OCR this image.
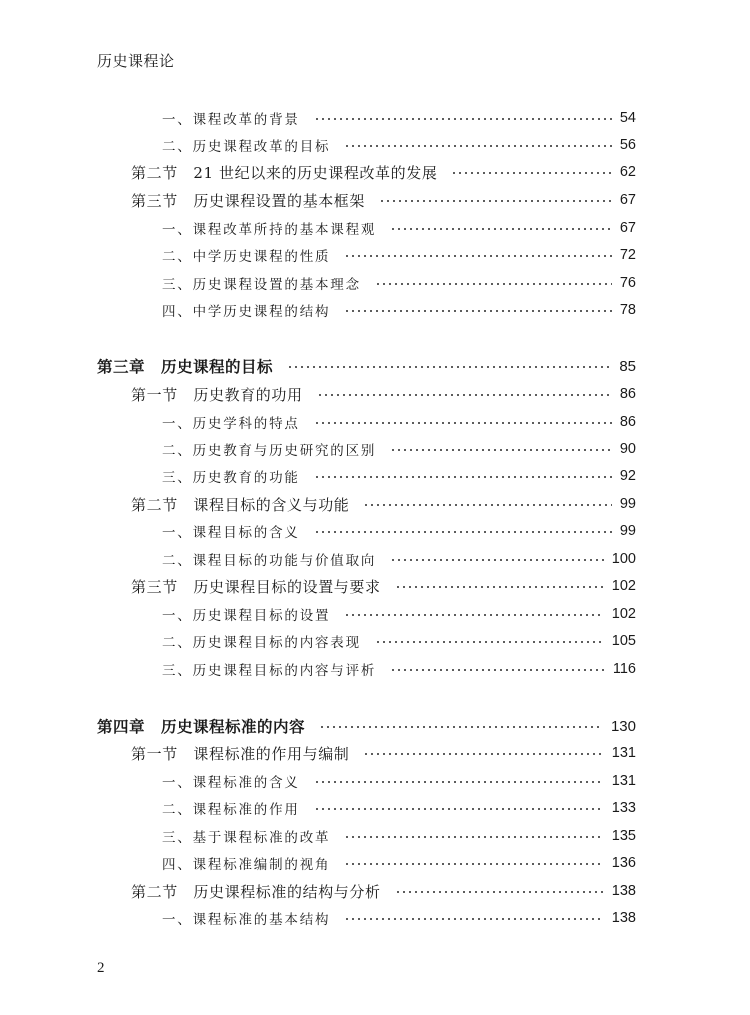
历史课程论
一、课程改革的背景	54
二、历史课程改革的目标	56
第二节　21 世纪以来的历史课程改革的发展	62
第三节　历史课程设置的基本框架	67
一、课程改革所持的基本课程观	67
二、中学历史课程的性质	72
三、历史课程设置的基本理念	76
四、中学历史课程的结构	78
第三章　历史课程的目标	85
第一节　历史教育的功用	86
一、历史学科的特点	86
二、历史教育与历史研究的区别	90
三、历史教育的功能	92
第二节　课程目标的含义与功能	99
一、课程目标的含义	99
二、课程目标的功能与价值取向	100
第三节　历史课程目标的设置与要求	102
一、历史课程目标的设置	102
二、历史课程目标的内容表现	105
三、历史课程目标的内容与评析	116
第四章　历史课程标准的内容	130
第一节　课程标准的作用与编制	131
一、课程标准的含义	131
二、课程标准的作用	133
三、基于课程标准的改革	135
四、课程标准编制的视角	136
第二节　历史课程标准的结构与分析	138
一、课程标准的基本结构	138
2
